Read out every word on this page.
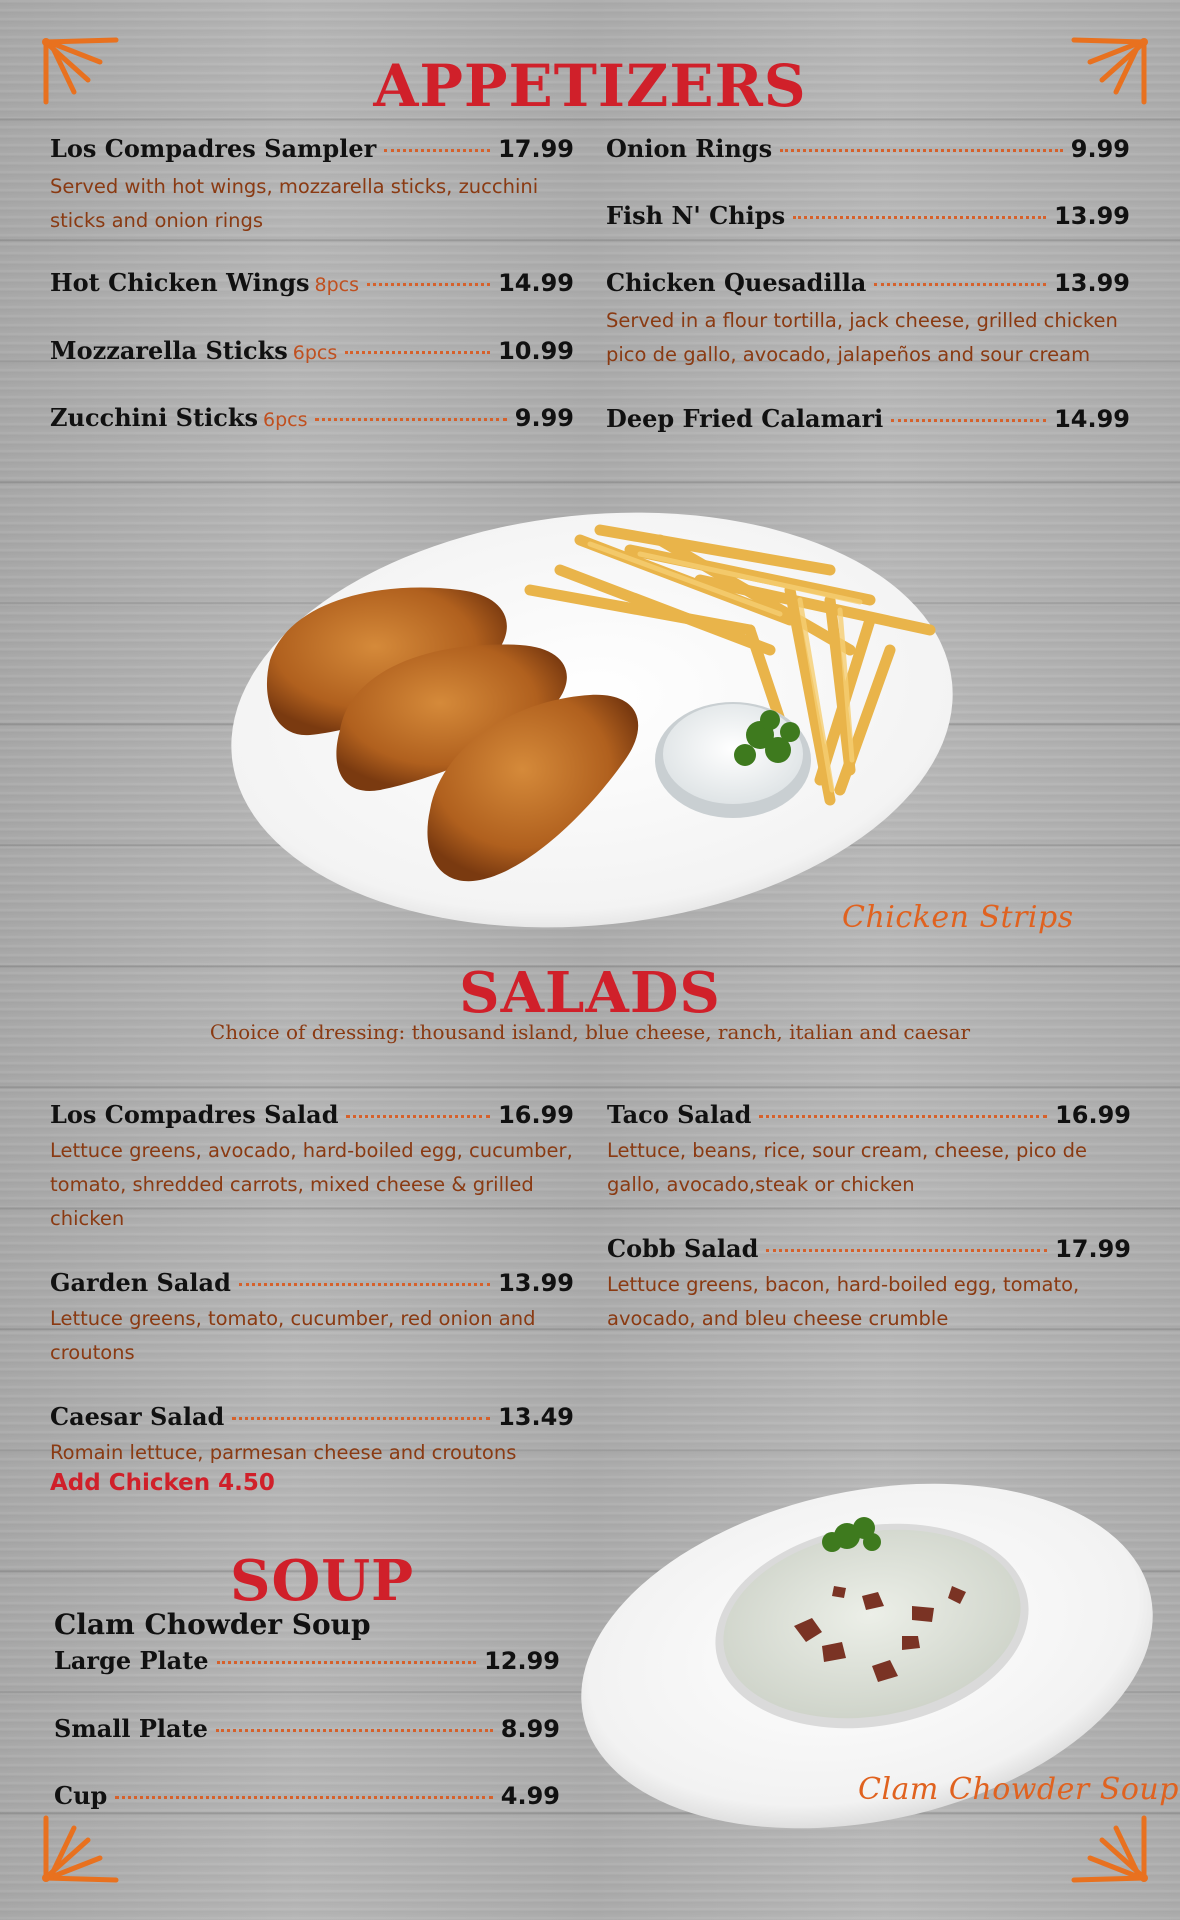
APPETIZERS
Los Compadres Sampler	17.99
Served with hot wings, mozzarella sticks, zucchini sticks and onion rings
Hot Chicken Wings 8pcs	14.99
Mozzarella Sticks 6pcs	10.99
Zucchini Sticks 6pcs	9.99
Onion Rings	9.99
Fish N' Chips	13.99
Chicken Quesadilla	13.99
Served in a flour tortilla, jack cheese, grilled chicken pico de gallo, avocado, jalapeños and sour cream
Deep Fried Calamari	14.99
Chicken Strips
SALADS
Choice of dressing: thousand island, blue cheese, ranch, italian and caesar
Los Compadres Salad	16.99
Lettuce greens, avocado, hard-boiled egg, cucumber, tomato, shredded carrots, mixed cheese & grilled chicken
Garden Salad	13.99
Lettuce greens, tomato, cucumber, red onion and croutons
Caesar Salad	13.49
Romain lettuce, parmesan cheese and croutons
Add Chicken 4.50
Taco Salad	16.99
Lettuce, beans, rice, sour cream, cheese, pico de gallo, avocado,steak or chicken
Cobb Salad	17.99
Lettuce greens, bacon, hard-boiled egg, tomato, avocado, and bleu cheese crumble
SOUP
Clam Chowder Soup
Large Plate	12.99
Small Plate	8.99
Cup	4.99	Clam Chowder Soup
